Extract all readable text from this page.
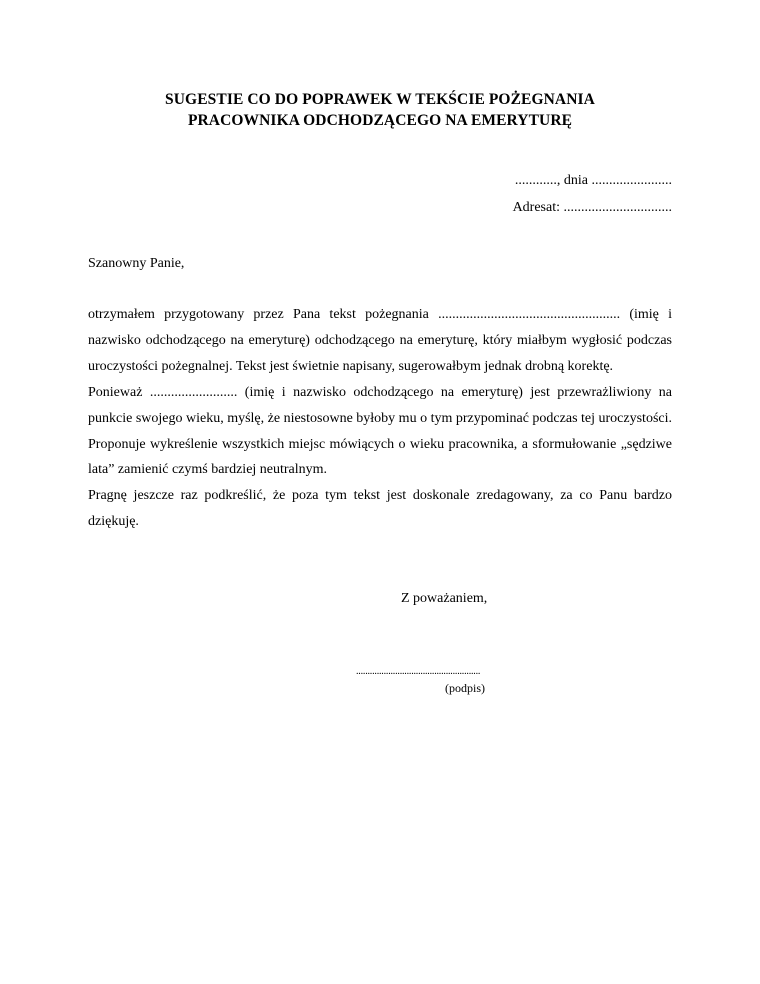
SUGESTIE CO DO POPRAWEK W TEKŚCIE POŻEGNANIA
PRACOWNIKA ODCHODZĄCEGO NA EMERYTURĘ
............, dnia .......................
Adresat: ...............................
Szanowny Panie,

otrzymałem przygotowany przez Pana tekst pożegnania .................................................... (imię i nazwisko odchodzącego na emeryturę) odchodzącego na emeryturę, który miałbym wygłosić podczas uroczystości pożegnalnej. Tekst jest świetnie napisany, sugerowałbym jednak drobną korektę.

Ponieważ ......................... (imię i nazwisko odchodzącego na emeryturę) jest przewrażliwiony na punkcie swojego wieku, myślę, że niestosowne byłoby mu o tym przypominać podczas tej uroczystości. Proponuje wykreślenie wszystkich miejsc mówiących o wieku pracownika, a sformułowanie „sędziwe lata” zamienić czymś bardziej neutralnym.

Pragnę jeszcze raz podkreślić, że poza tym tekst jest doskonale zredagowany, za co Panu bardzo dziękuję.

Z poważaniem,
......................................................
(podpis)
